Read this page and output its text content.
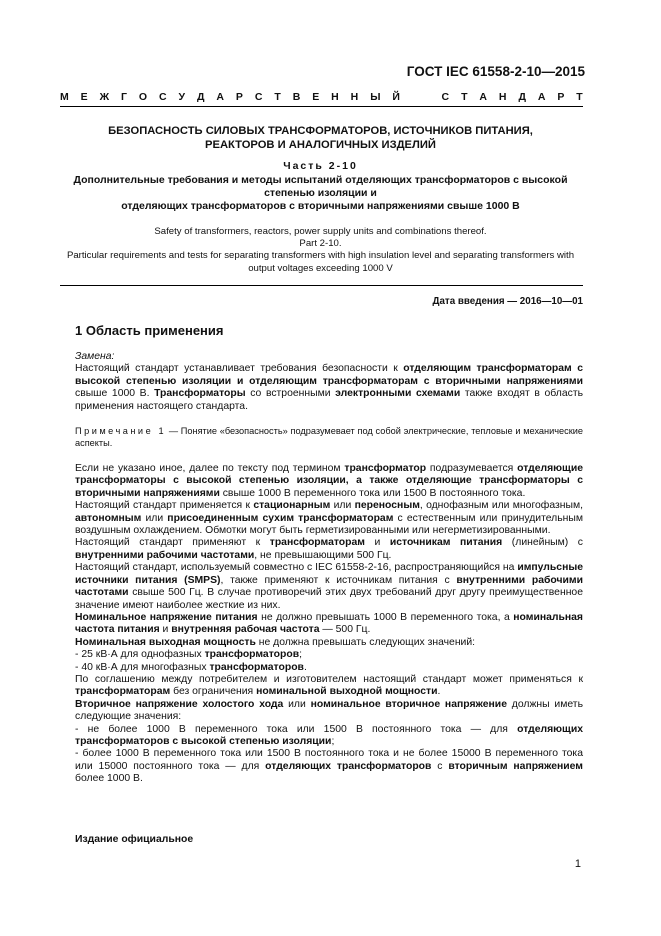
ГОСТ IEC 61558-2-10—2015
М Е Ж Г О С У Д А Р С Т В Е Н Н Ы Й

	С Т А Н Д А Р Т
БЕЗОПАСНОСТЬ СИЛОВЫХ ТРАНСФОРМАТОРОВ, ИСТОЧНИКОВ ПИТАНИЯ,
РЕАКТОРОВ И АНАЛОГИЧНЫХ ИЗДЕЛИЙ
Часть 2-10
Дополнительные требования и методы испытаний отделяющих трансформаторов с высокой
степенью изоляции и
отделяющих трансформаторов с вторичными напряжениями свыше 1000 В
Safety of transformers, reactors, power supply units and combinations thereof.
Part 2-10.
Particular requirements and tests for separating transformers with high insulation level and separating transformers with
output voltages exceeding 1000 V
Дата введения — 2016—10—01
1 Область применения

Замена:

Настоящий стандарт устанавливает требования безопасности к отделяющим трансформаторам с высокой степенью изоляции и отделяющим трансформаторам с вторичными напряжениями свыше 1000 В. Трансформаторы со встроенными электронными схемами также входят в область применения настоящего стандарта.

Примечание 1 — Понятие «безопасность» подразумевает под собой электрические, тепловые и механические аспекты.

Если не указано иное, далее по тексту под термином трансформатор подразумевается отделяющие трансформаторы с высокой степенью изоляции, а также отделяющие трансформаторы с вторичными напряжениями свыше 1000 В переменного тока или 1500 В постоянного тока.

Настоящий стандарт применяется к стационарным или переносным, однофазным или многофазным, автономным или присоединенным сухим трансформаторам с естественным или принудительным воздушным охлаждением. Обмотки могут быть герметизированными или негерметизированными.

Настоящий стандарт применяют к трансформаторам и источникам питания (линейным) с внутренними рабочими частотами, не превышающими 500 Гц.

Настоящий стандарт, используемый совместно с IEC 61558-2-16, распространяющийся на импульсные источники питания (SMPS), также применяют к источникам питания с внутренними рабочими частотами свыше 500 Гц. В случае противоречий этих двух требований друг другу преимущественное значение имеют наиболее жесткие из них.

Номинальное напряжение питания не должно превышать 1000 В переменного тока, а номинальная частота питания и внутренняя рабочая частота — 500 Гц.

Номинальная выходная мощность не должна превышать следующих значений:

- 25 кВ·А для однофазных трансформаторов;

- 40 кВ·А для многофазных трансформаторов.

По соглашению между потребителем и изготовителем настоящий стандарт может применяться к трансформаторам без ограничения номинальной выходной мощности.

Вторичное напряжение холостого хода или номинальное вторичное напряжение должны иметь следующие значения:

- не более 1000 В переменного тока или 1500 В постоянного тока — для отделяющих трансформаторов с высокой степенью изоляции;

- более 1000 В переменного тока или 1500 В постоянного тока и не более 15000 В переменного тока или 15000 постоянного тока — для отделяющих трансформаторов с вторичным напряжением более 1000 В.

Издание официальное
1
